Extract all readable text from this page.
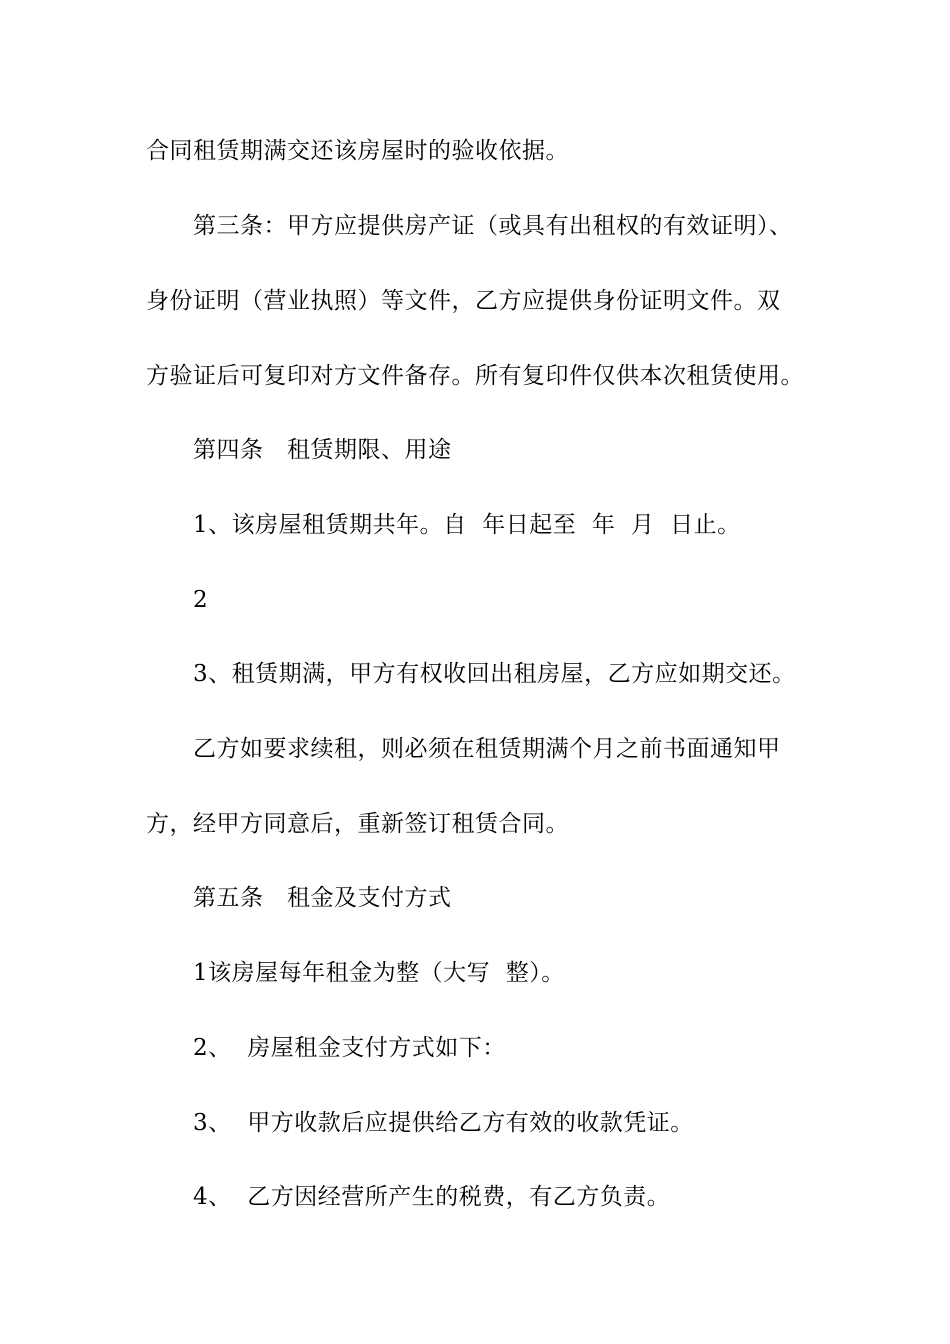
合同租赁期满交还该房屋时的验收依据。
第三条：甲方应提供房产证（或具有出租权的有效证明）、
身份证明（营业执照）等文件，乙方应提供身份证明文件。双
方验证后可复印对方文件备存。所有复印件仅供本次租赁使用。
第四条　租赁期限、用途
1、该房屋租赁期共年。自  年日起至  年  月  日止。
2
3、租赁期满，甲方有权收回出租房屋，乙方应如期交还。
乙方如要求续租，则必须在租赁期满个月之前书面通知甲
方，经甲方同意后，重新签订租赁合同。
第五条　租金及支付方式
1该房屋每年租金为整（大写  整）。
2、  房屋租金支付方式如下：
3、  甲方收款后应提供给乙方有效的收款凭证。
4、  乙方因经营所产生的税费，有乙方负责。
